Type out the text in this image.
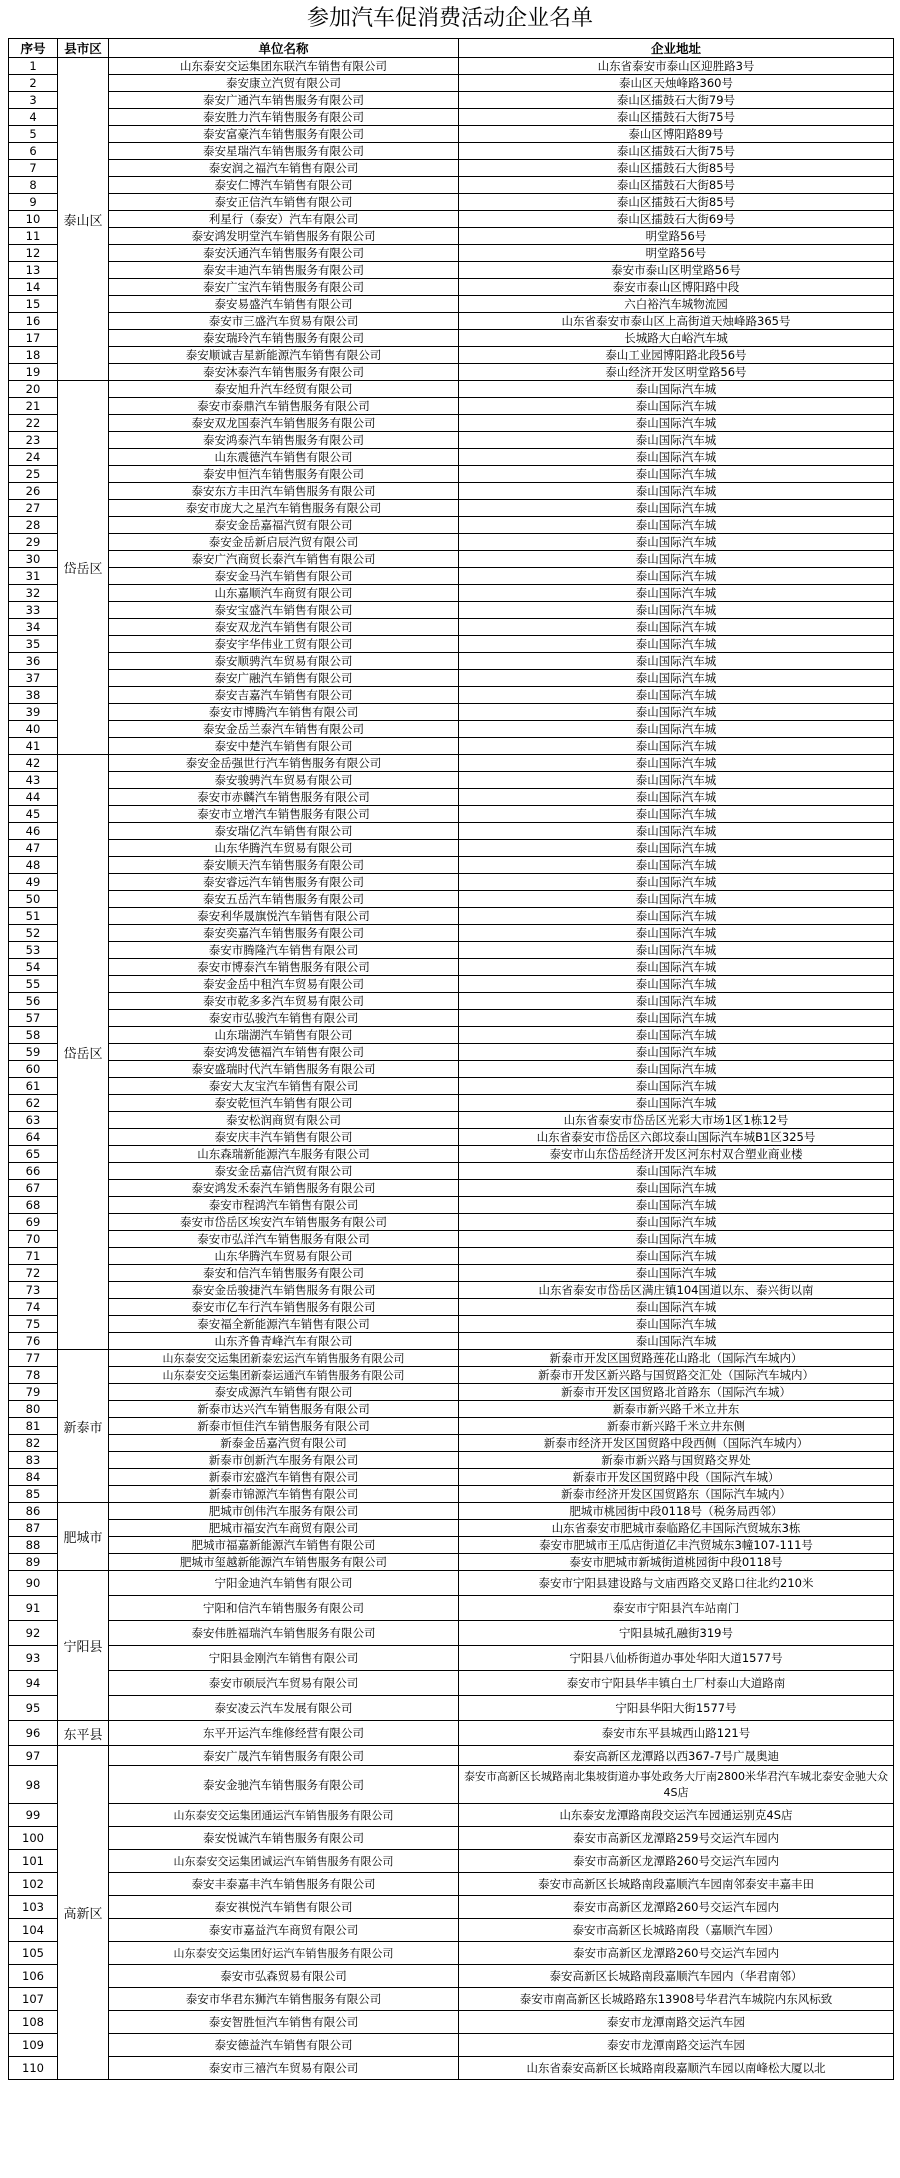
参加汽车促消费活动企业名单
序号	县市区	单位名称	企业地址
1	泰山区	山东泰安交运集团东联汽车销售有限公司	山东省泰安市泰山区迎胜路3号
2		泰安康立汽贸有限公司	泰山区天烛峰路360号
3		泰安广通汽车销售服务有限公司	泰山区擂鼓石大街79号
4		泰安胜力汽车销售服务有限公司	泰山区擂鼓石大街75号
5		泰安富豪汽车销售服务有限公司	泰山区博阳路89号
6		泰安星瑞汽车销售服务有限公司	泰山区擂鼓石大街75号
7		泰安润之福汽车销售有限公司	泰山区擂鼓石大街85号
8		泰安仁博汽车销售有限公司	泰山区擂鼓石大街85号
9		泰安正信汽车销售有限公司	泰山区擂鼓石大街85号
10		利星行（泰安）汽车有限公司	泰山区擂鼓石大街69号
11		泰安鸿发明堂汽车销售服务有限公司	明堂路56号
12		泰安沃通汽车销售服务有限公司	明堂路56号
13		泰安丰迪汽车销售服务有限公司	泰安市泰山区明堂路56号
14		泰安广宝汽车销售服务有限公司	泰安市泰山区博阳路中段
15		泰安易盛汽车销售有限公司	六白裕汽车城物流园
16		泰安市三盛汽车贸易有限公司	山东省泰安市泰山区上高街道天烛峰路365号
17		泰安瑞玲汽车销售服务有限公司	长城路大白峪汽车城
18		泰安顺诚吉星新能源汽车销售有限公司	泰山工业园博阳路北段56号
19		泰安沐泰汽车销售服务有限公司	泰山经济开发区明堂路56号
20	岱岳区	泰安旭升汽车经贸有限公司	泰山国际汽车城
21		泰安市泰鼎汽车销售服务有限公司	泰山国际汽车城
22		泰安双龙国泰汽车销售服务有限公司	泰山国际汽车城
23		泰安鸿泰汽车销售服务有限公司	泰山国际汽车城
24		山东震德汽车销售有限公司	泰山国际汽车城
25		泰安申恒汽车销售服务有限公司	泰山国际汽车城
26		泰安东方丰田汽车销售服务有限公司	泰山国际汽车城
27		泰安市庞大之星汽车销售服务有限公司	泰山国际汽车城
28		泰安金岳嘉福汽贸有限公司	泰山国际汽车城
29		泰安金岳新启辰汽贸有限公司	泰山国际汽车城
30		泰安广汽商贸长泰汽车销售有限公司	泰山国际汽车城
31		泰安金马汽车销售有限公司	泰山国际汽车城
32		山东嘉顺汽车商贸有限公司	泰山国际汽车城
33		泰安宝盛汽车销售有限公司	泰山国际汽车城
34		泰安双龙汽车销售有限公司	泰山国际汽车城
35		泰安宇华伟业工贸有限公司	泰山国际汽车城
36		泰安顺骋汽车贸易有限公司	泰山国际汽车城
37		泰安广融汽车销售有限公司	泰山国际汽车城
38		泰安吉嘉汽车销售有限公司	泰山国际汽车城
39		泰安市博腾汽车销售有限公司	泰山国际汽车城
40		泰安金岳兰泰汽车销售有限公司	泰山国际汽车城
41		泰安中楚汽车销售有限公司	泰山国际汽车城
42	岱岳区	泰安金岳强世行汽车销售服务有限公司	泰山国际汽车城
43		泰安骏骋汽车贸易有限公司	泰山国际汽车城
44		泰安市赤麟汽车销售服务有限公司	泰山国际汽车城
45		泰安市立增汽车销售服务有限公司	泰山国际汽车城
46		泰安瑞亿汽车销售有限公司	泰山国际汽车城
47		山东华腾汽车贸易有限公司	泰山国际汽车城
48		泰安顺天汽车销售服务有限公司	泰山国际汽车城
49		泰安睿远汽车销售服务有限公司	泰山国际汽车城
50		泰安五岳汽车销售服务有限公司	泰山国际汽车城
51		泰安利华晟旗悦汽车销售有限公司	泰山国际汽车城
52		泰安奕嘉汽车销售服务有限公司	泰山国际汽车城
53		泰安市腾隆汽车销售有限公司	泰山国际汽车城
54		泰安市博泰汽车销售服务有限公司	泰山国际汽车城
55		泰安金岳中租汽车贸易有限公司	泰山国际汽车城
56		泰安市乾多多汽车贸易有限公司	泰山国际汽车城
57		泰安市弘骏汽车销售有限公司	泰山国际汽车城
58		山东瑞湖汽车销售有限公司	泰山国际汽车城
59		泰安鸿发德福汽车销售有限公司	泰山国际汽车城
60		泰安盛瑞时代汽车销售服务有限公司	泰山国际汽车城
61		泰安大友宝汽车销售有限公司	泰山国际汽车城
62		泰安乾恒汽车销售有限公司	泰山国际汽车城
63		泰安松润商贸有限公司	山东省泰安市岱岳区光彩大市场1区1栋12号
64		泰安庆丰汽车销售有限公司	山东省泰安市岱岳区六郎坟泰山国际汽车城B1区325号
65		山东森瑞新能源汽车服务有限公司	泰安市山东岱岳经济开发区河东村双合塑业商业楼
66		泰安金岳嘉信汽贸有限公司	泰山国际汽车城
67		泰安鸿发禾泰汽车销售服务有限公司	泰山国际汽车城
68		泰安市程鸿汽车销售有限公司	泰山国际汽车城
69		泰安市岱岳区埃安汽车销售服务有限公司	泰山国际汽车城
70		泰安市弘洋汽车销售服务有限公司	泰山国际汽车城
71		山东华腾汽车贸易有限公司	泰山国际汽车城
72		泰安和信汽车销售服务有限公司	泰山国际汽车城
73		泰安金岳骏捷汽车销售服务有限公司	山东省泰安市岱岳区满庄镇104国道以东、泰兴街以南
74		泰安市亿车行汽车销售服务有限公司	泰山国际汽车城
75		泰安福全新能源汽车销售有限公司	泰山国际汽车城
76		山东齐鲁青峰汽车有限公司	泰山国际汽车城
77	新泰市	山东泰安交运集团新泰宏运汽车销售服务有限公司	新泰市开发区国贸路莲花山路北（国际汽车城内）
78		山东泰安交运集团新泰运通汽车销售服务有限公司	新泰市开发区新兴路与国贸路交汇处（国际汽车城内）
79		泰安成源汽车销售有限公司	新泰市开发区国贸路北首路东（国际汽车城）
80		新泰市达兴汽车销售服务有限公司	新泰市新兴路千米立井东
81		新泰市恒佳汽车销售服务有限公司	新泰市新兴路千米立井东侧
82		新泰金岳嘉汽贸有限公司	新泰市经济开发区国贸路中段西侧（国际汽车城内）
83		新泰市创新汽车服务有限公司	新泰市新兴路与国贸路交界处
84		新泰市宏盛汽车销售有限公司	新泰市开发区国贸路中段（国际汽车城）
85		新泰市锦源汽车销售有限公司	新泰市经济开发区国贸路东（国际汽车城内）
86	肥城市	肥城市创伟汽车服务有限公司	肥城市桃园街中段0118号（税务局西邻）
87		肥城市福安汽车商贸有限公司	山东省泰安市肥城市泰临路亿丰国际汽贸城东3栋
88		肥城市福嘉新能源汽车销售有限公司	泰安市肥城市王瓜店街道亿丰汽贸城东3幢107-111号
89		肥城市玺越新能源汽车销售服务有限公司	泰安市肥城市新城街道桃园街中段0118号
90	宁阳县	宁阳金迪汽车销售有限公司	泰安市宁阳县建设路与文庙西路交叉路口往北约210米
91		宁阳和信汽车销售服务有限公司	泰安市宁阳县汽车站南门
92		泰安伟胜福瑞汽车销售服务有限公司	宁阳县城孔融街319号
93		宁阳县金刚汽车销售有限公司	宁阳县八仙桥街道办事处华阳大道1577号
94		泰安市硕辰汽车贸易有限公司	泰安市宁阳县华丰镇白土厂村泰山大道路南
95		泰安凌云汽车发展有限公司	宁阳县华阳大街1577号
96	东平县	东平开运汽车维修经营有限公司	泰安市东平县城西山路121号
97	高新区	泰安广晟汽车销售服务有限公司	泰安高新区龙潭路以西367-7号广晟奥迪
98		泰安金驰汽车销售服务有限公司	泰安市高新区长城路南北集坡街道办事处政务大厅南2800米华君汽车城北泰安金驰大众4S店
99		山东泰安交运集团通运汽车销售服务有限公司	山东泰安龙潭路南段交运汽车园通运别克4S店
100		泰安悦诚汽车销售服务有限公司	泰安市高新区龙潭路259号交运汽车园内
101		山东泰安交运集团诚运汽车销售服务有限公司	泰安市高新区龙潭路260号交运汽车园内
102		泰安丰泰嘉丰汽车销售服务有限公司	泰安市高新区长城路南段嘉顺汽车园南邻泰安丰嘉丰田
103		泰安祺悦汽车销售有限公司	泰安市高新区龙潭路260号交运汽车园内
104		泰安市嘉益汽车商贸有限公司	泰安市高新区长城路南段（嘉顺汽车园）
105		山东泰安交运集团好运汽车销售服务有限公司	泰安市高新区龙潭路260号交运汽车园内
106		泰安市弘森贸易有限公司	泰安高新区长城路南段嘉顺汽车园内（华君南邻）
107		泰安市华君东狮汽车销售服务有限公司	泰安市南高新区长城路路东13908号华君汽车城院内东风标致
108		泰安智胜恒汽车销售有限公司	泰安市龙潭南路交运汽车园
109		泰安德益汽车销售有限公司	泰安市龙潭南路交运汽车园
110		泰安市三禧汽车贸易有限公司	山东省泰安高新区长城路南段嘉顺汽车园以南峰松大厦以北
